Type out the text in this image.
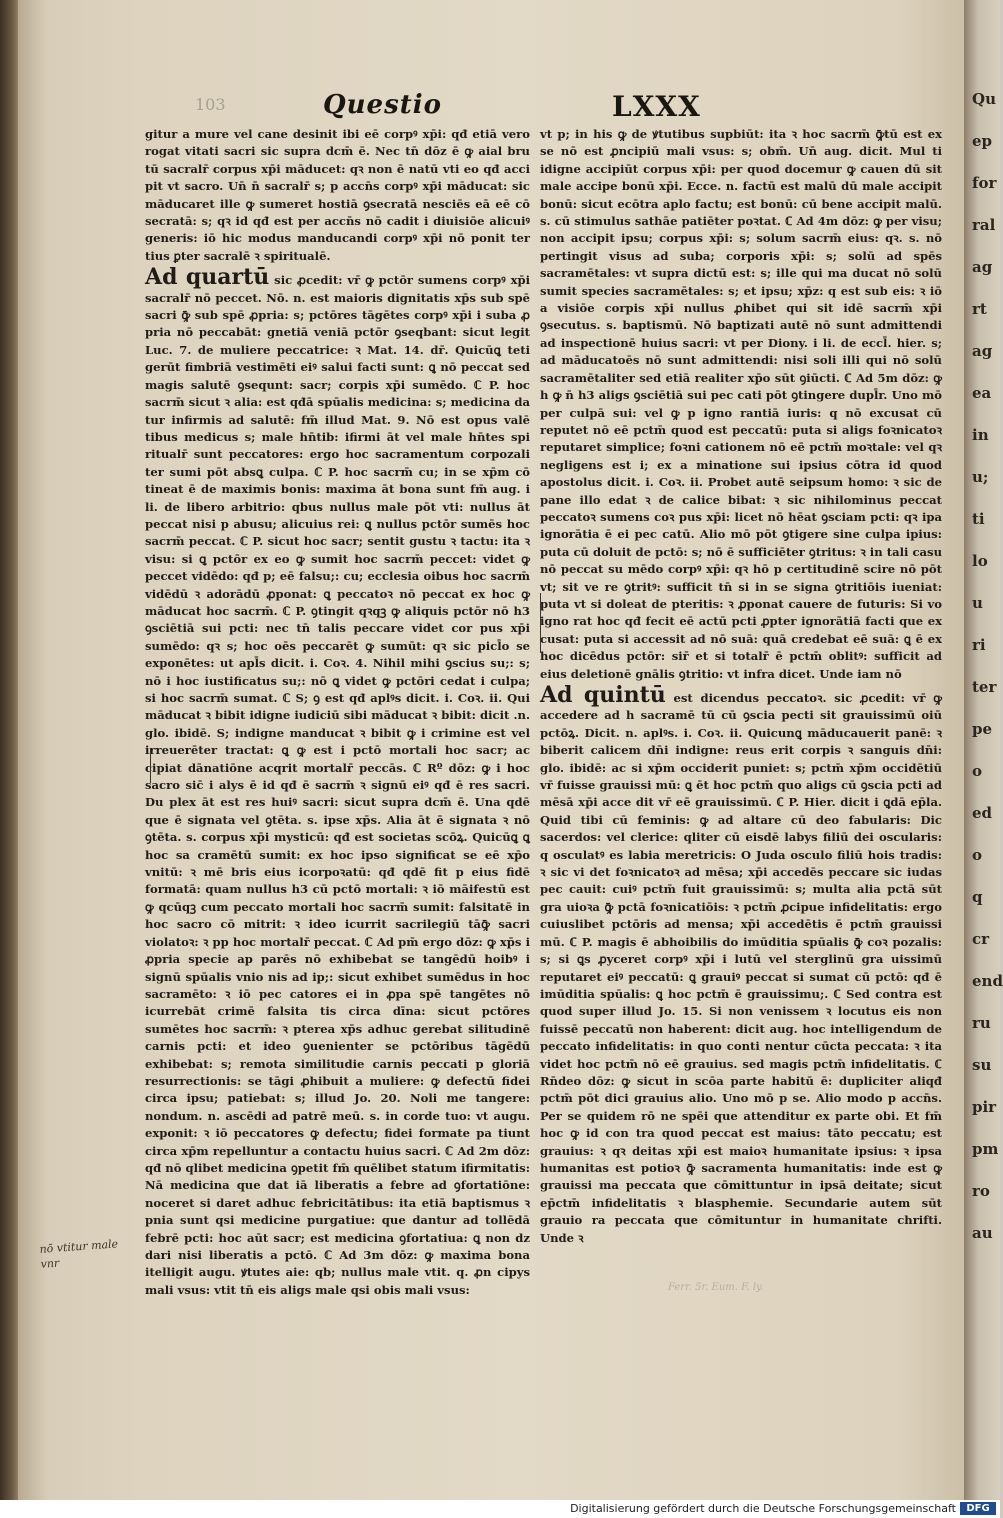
Qu
ep
for
ral
ag
rt
ag
ea
in
u;
ti
lo
u
ri
ter
pe
o
ed
o
q
cr
end
ru
su
pir
pm
ro
au
103	Questio	LXXX

gitur a mure vel cane desinit ibi eē corpꝰ xp̄i: qđ etiā vero rogat vitati sacri sic supra dcm̄ ē. Nec tn̄ dōz ē ꝙ aial bru tū sacralr̄ corpus xp̄i māducet: qꝛ non ē natū vti eo qđ acci pit vt sacro. Un̄ n̄ sacralr̄ s; p accn̄s corpꝰ xp̄i māducat: sic māducaret ille ꝙ sumeret hostiā ꝯsecratā nesciēs eā eē cō secratā: s; qꝛ id qđ est per accn̄s nō cadit i diuisiōe alicuiꝰ generis: iō hic modus manducandi corpꝰ xp̄i nō ponit ter tius ꝑter sacralē ꝛ spiritualē.

Ad quartū sic ꝓcedit: vr̄ ꝙ pctōr sumens corpꝰ xp̄i sacralr̄ nō peccet. Nō. n. est maioris dignitatis xp̄s sub spē sacri ꝙ̄ sub spē ꝓpria: s; pctōres tāgētes corpꝰ xp̄i i suba ꝓ pria nō peccabāt: gnetiā veniā pctōr ꝯseqbant: sicut legit Luc. 7. de muliere peccatrice: ꝛ Mat. 14. dr̄. Quicūꝗ teti gerūt fimbriā vestimēti eiꝰ salui facti sunt: ꝗ nō peccat sed magis salutē ꝯsequnt: sacr; corpis xp̄i sumēdo. ℂ P. hoc sacrm̄ sicut ꝛ alia: est qđā spūalis medicina: s; medicina da tur infirmis ad salutē: fm̄ illud Mat. 9. Nō est opus valē tibus medicus s; male hn̄tib: ifirmi āt vel male hn̄tes spi ritualr̄ sunt peccatores: ergo hoc sacramentum corpozali ter sumi pōt absꝗ culpa. ℂ P. hoc sacrm̄ cu; in se xp̄m cō tineat ē de maximis bonis: maxima āt bona sunt fm̄ aug. i li. de libero arbitrio: qbus nullus male pōt vti: nullus āt peccat nisi p abusu; alicuius rei: ꝗ nullus pctōr sumēs hoc sacrm̄ peccat. ℂ P. sicut hoc sacr; sentit gustu ꝛ tactu: ita ꝛ visu: si ꝗ pctōr ex eo ꝙ sumit hoc sacrm̄ peccet: videt ꝙ peccet vidēdo: qđ p; eē falsu;: cu; ecclesia oibus hoc sacrm̄ vidēdū ꝛ adorādū ꝓponat: ꝗ peccatoꝛ nō peccat ex hoc ꝙ māducat hoc sacrm̄. ℂ P. ꝯtingit qꝛqꝫ ꝙ aliquis pctōr nō h3 ꝯsciētiā sui pcti: nec tn̄ talis peccare videt cor pus xp̄i sumēdo: qꝛ s; hoc oēs peccarēt ꝙ sumūt: qꝛ sic picl̄o se exponētes: ut apl̄s dicit. i. Coꝛ. 4. Nihil mihi ꝯscius su;: s; nō i hoc iustificatus su;: nō ꝗ videt ꝙ pctōri cedat i culpa; si hoc sacrm̄ sumat. ℂ S; ꝯ est qđ aplꝰs dicit. i. Coꝛ. ii. Qui māducat ꝛ bibit idigne iudiciū sibi māducat ꝛ bibit: dicit .n. glo. ibidē. S; indigne manducat ꝛ bibit ꝙ i crimine est vel irreuerēter tractat: ꝗ ꝙ est i pctō mortali hoc sacr; ac cipiat dānatiōne acqrit mortalr̄ peccās. ℂ Rº dōz: ꝙ i hoc sacro sic̄ i alys ē id qđ ē sacrm̄ ꝛ signū eiꝰ qđ ē res sacri. Du plex āt est res huiꝰ sacri: sicut supra dcm̄ ē. Una qdē que ē signata vel ꝯtēta. s. ipse xp̄s. Alia āt ē signata ꝛ nō ꝯtēta. s. corpus xp̄i mysticū: qđ est societas scōꝝ. Quicūꝗ ꝗ hoc sa cramētū sumit: ex hoc ipso significat se eē xp̄o vnitū: ꝛ mē bris eius icorpoꝛatū: qđ qdē fit p eius fidē formatā: quam nullus h3 cū pctō mortali: ꝛ iō māifestū est ꝙ qcūqꝫ cum peccato mortali hoc sacrm̄ sumit: falsitatē in hoc sacro cō mitrit: ꝛ ideo icurrit sacrilegiū tāꝙ̄ sacri violatoꝛ: ꝛ pp hoc mortalr̄ peccat. ℂ Ad pm̄ ergo dōz: ꝙ xp̄s i ꝓpria specie ap parēs nō exhibebat se tangēdū hoibꝰ i signū spūalis vnio nis ad ip;: sicut exhibet sumēdus in hoc sacramēto: ꝛ iō pec catores ei in ꝓpa spē tangētes nō icurrebāt crimē falsita tis circa dīna: sicut pctōres sumētes hoc sacrm̄: ꝛ pterea xp̄s adhuc gerebat silitudinē carnis pcti: et ideo ꝯuenienter se pctōribus tāgēdū exhibebat: s; remota similitudie carnis peccati p gloriā resurrectionis: se tāgi ꝓhibuit a muliere: ꝙ defectū fidei circa ipsu; patiebat: s; illud Jo. 20. Noli me tangere: nondum. n. ascēdi ad patrē meū. s. in corde tuo: vt augu. exponit: ꝛ iō peccatores ꝙ defectu; fidei formate pa tiunt circa xp̄m repelluntur a contactu huius sacri. ℂ Ad 2m dōz: qđ nō qlibet medicina ꝯpetit fm̄ quēlibet statum ifirmitatis: Nā medicina que dat iā liberatis a febre ad ꝯfortatiōne: noceret si daret adhuc febricitātibus: ita etiā baptismus ꝛ pnia sunt qsi medicine purgatiue: que dantur ad tollēdā febrē pcti: hoc aūt sacr; est medicina ꝯfortatiua: ꝗ non dz dari nisi liberatis a pctō. ℂ Ad 3m dōz: ꝙ maxima bona itelligit augu. ꝟtutes aie: qb; nullus male vtit. q. ꝓn cipys mali vsus: vtit tn̄ eis aligs male qsi obis mali vsus:

vt p; in his ꝙ de ꝟtutibus supbiūt: ita ꝛ hoc sacrm̄ ꝙ̄tū est ex se nō est ꝓncipiū mali vsus: s; obm̄. Un̄ aug. dicit. Mul ti idigne accipiūt corpus xp̄i: per quod docemur ꝙ cauen dū sit male accipe bonū xp̄i. Ecce. n. factū est malū dū male accipit bonū: sicut ecōtra aplo factu; est bonū: cū bene accipit malū. s. cū stimulus sathāe patiēter poꝛtat. ℂ Ad 4m dōz: ꝙ per visu; non accipit ipsu; corpus xp̄i: s; solum sacrm̄ eius: qꝛ. s. nō pertingit visus ad suba; corporis xp̄i: s; solū ad spēs sacramētales: vt supra dictū est: s; ille qui ma ducat nō solū sumit species sacramētales: s; et ipsu; xp̄z: q est sub eis: ꝛ iō a visiōe corpis xp̄i nullus ꝓhibet qui sit idē sacrm̄ xp̄i ꝯsecutus. s. baptismū. Nō baptizati autē nō sunt admittendi ad inspectionē huius sacri: vt per Diony. i li. de eccl̄. hier. s; ad māducatoēs nō sunt admittendi: nisi soli illi qui nō solū sacramētaliter sed etiā realiter xp̄o sūt ꝯiūcti. ℂ Ad 5m dōz: ꝙ h ꝙ n̄ h3 aligs ꝯsciētiā sui pec cati pōt ꝯtingere dupl̄r. Uno mō per culpā sui: vel ꝙ p igno rantiā iuris: q nō excusat cū reputet nō eē pctm̄ quod est peccatū: puta si aligs foꝛnicatoꝛ reputaret simplice; foꝛni cationem nō eē pctm̄ moꝛtale: vel qꝛ negligens est i; ex a minatione sui ipsius cōtra id quod apostolus dicit. i. Coꝛ. ii. Probet autē seipsum homo: ꝛ sic de pane illo edat ꝛ de calice bibat: ꝛ sic nihilominus peccat peccatoꝛ sumens coꝛ pus xp̄i: licet nō hēat ꝯsciam pcti: qꝛ ipa ignorātia ē ei pec catū. Alio mō pōt ꝯtigere sine culpa ipius: puta cū doluit de pctō: s; nō ē sufficiēter ꝯtritus: ꝛ in tali casu nō peccat su mēdo corpꝰ xp̄i: qꝛ hō p certitudinē scire nō pōt vt; sit ve re ꝯtritꝰ: sufficit tn̄ si in se signa ꝯtritiōis iueniat: puta vt si doleat de pteritis: ꝛ ꝓponat cauere de futuris: Si vo igno rat hoc qđ fecit eē actū pcti ꝓpter ignorātiā facti que ex cusat: puta si accessit ad nō suā: quā credebat eē suā: ꝗ ē ex hoc dicēdus pctōr: sir̄ et si totalr̄ ē pctm̄ oblitꝰ: sufficit ad eius deletionē gnālis ꝯtritio: vt infra dicet. Unde iam nō

Ad quintū est dicendus peccatoꝛ. sic ꝓcedit: vr̄ ꝙ accedere ad h sacramē tū cū ꝯscia pecti sit grauissimū oiū pctōꝝ. Dicit. n. aplꝰs. i. Coꝛ. ii. Quicunꝗ māducauerit panē: ꝛ biberit calicem dn̄i indigne: reus erit corpis ꝛ sanguis dn̄i: glo. ibidē: ac si xp̄m occiderit puniet: s; pctm̄ xp̄m occidētiū vr̄ fuisse grauissi mū: ꝗ ēt hoc pctm̄ quo aligs cū ꝯscia pcti ad mēsā xp̄i acce dit vr̄ eē grauissimū. ℂ P. Hier. dicit i ꝗdā ep̄la. Quid tibi cū feminis: ꝙ ad altare cū deo fabularis: Dic sacerdos: vel clerice: qliter cū eisdē labys filiū dei oscularis: q osculatꝰ es labia meretricis: O Juda osculo filiū hois tradis: ꝛ sic vi det foꝛnicatoꝛ ad mēsa; xp̄i accedēs peccare sic iudas pec cauit: cuiꝰ pctm̄ fuit grauissimū: s; multa alia pctā sūt gra uioꝛa ꝙ̄ pctā foꝛnicatiōis: ꝛ pctm̄ ꝓcipue infidelitatis: ergo cuiuslibet pctōris ad mensa; xp̄i accedētis ē pctm̄ grauissi mū. ℂ P. magis ē abhoibilis do imūditia spūalis ꝙ̄ coꝛ pozalis: s; si ꝗs ꝓyceret corpꝰ xp̄i i lutū vel sterglinū gra uissimū reputaret eiꝰ peccatū: ꝗ grauiꝰ peccat si sumat cū pctō: qđ ē imūditia spūalis: ꝗ hoc pctm̄ ē grauissimu;. ℂ Sed contra est quod super illud Jo. 15. Si non venissem ꝛ locutus eis non fuissē peccatū non haberent: dicit aug. hoc intelligendum de peccato infidelitatis: in quo conti nentur cūcta peccata: ꝛ ita videt hoc pctm̄ nō eē grauius. sed magis pctm̄ infidelitatis. ℂ Rn̄deo dōz: ꝙ sicut in scōa parte habitū ē: dupliciter aliqđ pctm̄ pōt dici grauius alio. Uno mō p se. Alio modo p accn̄s. Per se quidem rō ne spēi que attenditur ex parte obi. Et fm̄ hoc ꝙ id con tra quod peccat est maius: tāto peccatu; est grauius: ꝛ qꝛ deitas xp̄i est maioꝛ humanitate ipsius: ꝛ ipsa humanitas est potioꝛ ꝙ̄ sacramenta humanitatis: inde est ꝙ grauissi ma peccata que cōmittuntur in ipsā deitate; sicut ep̄ctm̄ infidelitatis ꝛ blasphemie. Secundarie autem sūt grauio ra peccata que cōmituntur in humanitate chrifti. Unde ꝛ

nō vtitur male
vnr
Ferr. 5r. Eum. F. ly.
Digitalisierung gefördert durch die Deutsche Forschungsgemeinschaft	DFG
